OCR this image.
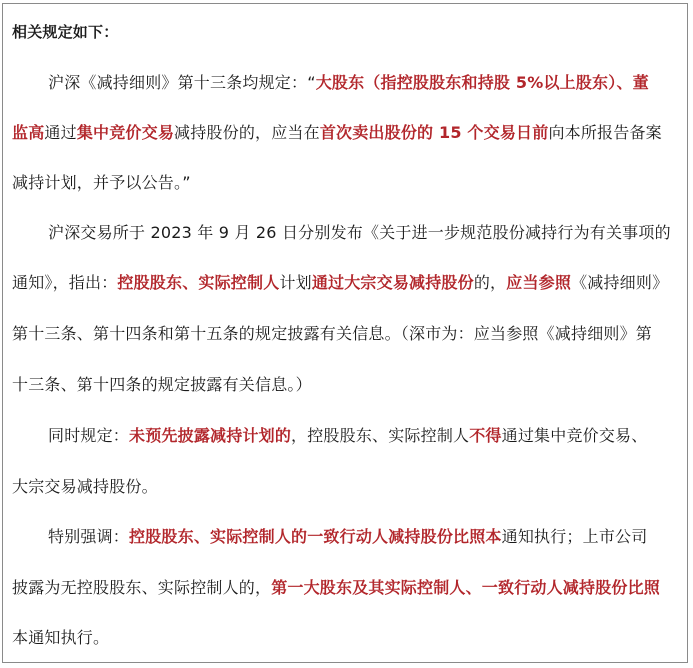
相关规定如下：
沪深《减持细则》第十三条均规定：“大股东（指控股股东和持股 5%以上股东）、董
监高通过集中竞价交易减持股份的，应当在首次卖出股份的 15 个交易日前向本所报告备案
减持计划，并予以公告。”
沪深交易所于 2023 年 9 月 26 日分别发布《关于进一步规范股份减持行为有关事项的
通知》，指出：控股股东、实际控制人计划通过大宗交易减持股份的，应当参照《减持细则》
第十三条、第十四条和第十五条的规定披露有关信息。（深市为：应当参照《减持细则》第
十三条、第十四条的规定披露有关信息。）
同时规定：未预先披露减持计划的，控股股东、实际控制人不得通过集中竞价交易、
大宗交易减持股份。
特别强调：控股股东、实际控制人的一致行动人减持股份比照本通知执行；上市公司
披露为无控股股东、实际控制人的，第一大股东及其实际控制人、一致行动人减持股份比照
本通知执行。
